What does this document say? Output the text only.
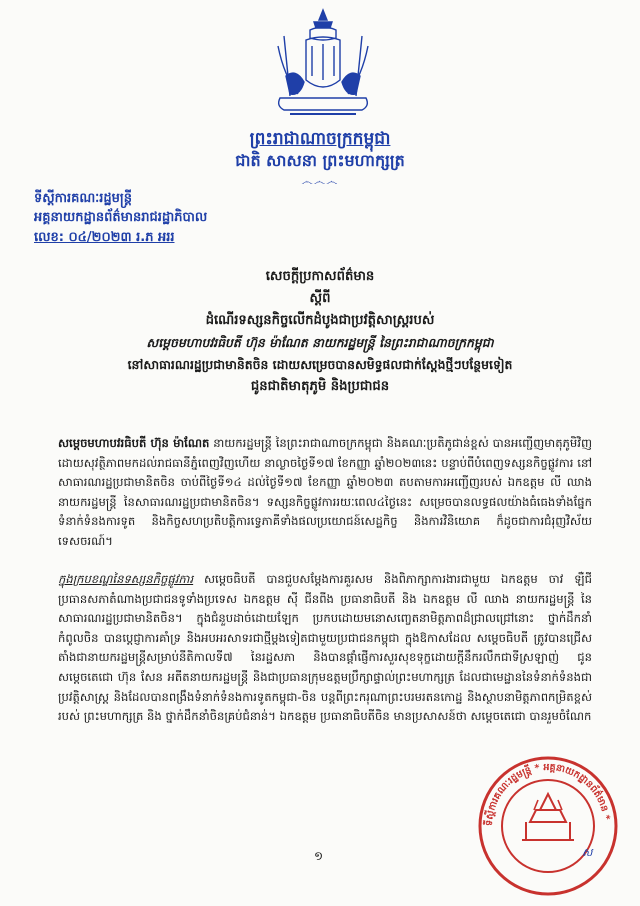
ព្រះរាជាណាចក្រកម្ពុជា
ជាតិ សាសនា ព្រះមហាក្សត្រ
෴෴෴
ទីស្ដីការគណៈរដ្ឋមន្ត្រី
អគ្គនាយកដ្ឋានព័ត៌មានរាជរដ្ឋាភិបាល
លេខ: ០៤/២០២៣ រ.ភ អររ
សេចក្ដីប្រកាសព័ត៌មាន
ស្ដីពី
ដំណើរទស្សនកិច្ចលើកដំបូងជាប្រវត្តិសាស្ត្ររបស់
សម្ដេចមហាបវរធិបតី ហ៊ុន ម៉ាណែត នាយករដ្ឋមន្ត្រី នៃព្រះរាជាណាចក្រកម្ពុជា
នៅសាធារណរដ្ឋប្រជាមានិតចិន ដោយសម្រេចបានសមិទ្ធផលជាក់ស្ដែងថ្មីៗបន្ថែមទៀត
ជូនជាតិមាតុភូមិ និងប្រជាជន
សម្ដេចមហាបវរធិបតី ហ៊ុន ម៉ាណែត នាយករដ្ឋមន្ត្រី នៃព្រះរាជាណាចក្រកម្ពុជា និងគណៈប្រតិភូជាន់ខ្ពស់ បានអញ្ជើញមាតុភូមិវិញដោយសុវត្ថិភាពមកដល់រាជធានីភ្នំពេញវិញហើយ នាល្ងាចថ្ងៃទី១៧ ខែកញ្ញា ឆ្នាំ២០២៣នេះ បន្ទាប់ពីបំពេញទស្សនកិច្ចផ្លូវការ នៅសាធារណរដ្ឋប្រជាមានិតចិន ចាប់ពីថ្ងៃទី១៤ ដល់ថ្ងៃទី១៧ ខែកញ្ញា ឆ្នាំ២០២៣ តបតាមការអញ្ជើញរបស់ ឯកឧត្ដម លី ឈាង នាយករដ្ឋមន្ត្រី នៃសាធារណរដ្ឋប្រជាមានិតចិន។ ទស្សនកិច្ចផ្លូវការរយៈពេល៤ថ្ងៃនេះ សម្រេចបានលទ្ធផលយ៉ាងធំធេងទាំងផ្នែកទំនាក់ទំនងការទូត និងកិច្ចសហប្រតិបត្តិការទ្វេភាគីទាំងផលប្រយោជន៍សេដ្ឋកិច្ច និងការវិនិយោគ ក៏ដូចជាការជំរុញវិស័យទេសចរណ៍។
ក្នុងក្របខណ្ឌនៃទស្សនកិច្ចផ្លូវការ សម្ដេចធិបតី បានជួបសម្ដែងការគួរសម និងពិភាក្សាការងារជាមួយ ឯកឧត្ដម ចាវ ឡឺជី ប្រធានសភាតំណាងប្រជាជនទូទាំងប្រទេស ឯកឧត្ដម ស៊ី ជីនពីង ប្រធានាធិបតី និង ឯកឧត្ដម លី ឈាង នាយករដ្ឋមន្ត្រី នៃសាធារណរដ្ឋប្រជាមានិតចិន។ ក្នុងជំនួបដាច់ដោយឡែក ប្រកបដោយមនោសញ្ចេតនាមិត្តភាពដ៏ជ្រាលជ្រៅនោះ ថ្នាក់ដឹកនាំកំពូលចិន បានប្ដេជ្ញាការគាំទ្រ និងអបអរសាទរជាថ្មីម្ដងទៀតជាមួយប្រជាជនកម្ពុជា ក្នុងឱកាសដែល សម្ដេចធិបតី ត្រូវបានជ្រើសតាំងជានាយករដ្ឋមន្ត្រីសម្រាប់នីតិកាលទី៧ នៃរដ្ឋសភា និងបានផ្ដាំផ្ញើការសួរសុខទុក្ខដោយក្ដីនឹករលឹកជាទីស្រឡាញ់ ជូន សម្ដេចតេជោ ហ៊ុន សែន អតីតនាយករដ្ឋមន្ត្រី និងជាប្រធានក្រុមឧត្ដមប្រឹក្សាផ្ទាល់ព្រះមហាក្សត្រ ដែលជាមេដ្ឋាននៃទំនាក់ទំនងជាប្រវត្តិសាស្ត្រ និងដែលបានពង្រឹងទំនាក់ទំនងការទូតកម្ពុជា-ចិន បន្តពីព្រះករុណាព្រះបរមរតនកោដ្ឋ និងស្ថាបនាមិត្តភាពកម្រិតខ្ពស់របស់ ព្រះមហាក្សត្រ និង ថ្នាក់ដឹកនាំចិនគ្រប់ជំនាន់។ ឯកឧត្ដម ប្រធានាធិបតីចិន មានប្រសាសន៍ថា សម្ដេចតេជោ បានរួមចំណែក
១
ទីស្ដីការគណៈរដ្ឋមន្ត្រី * អគ្គនាយកដ្ឋានព័ត៌មាន *
ស
